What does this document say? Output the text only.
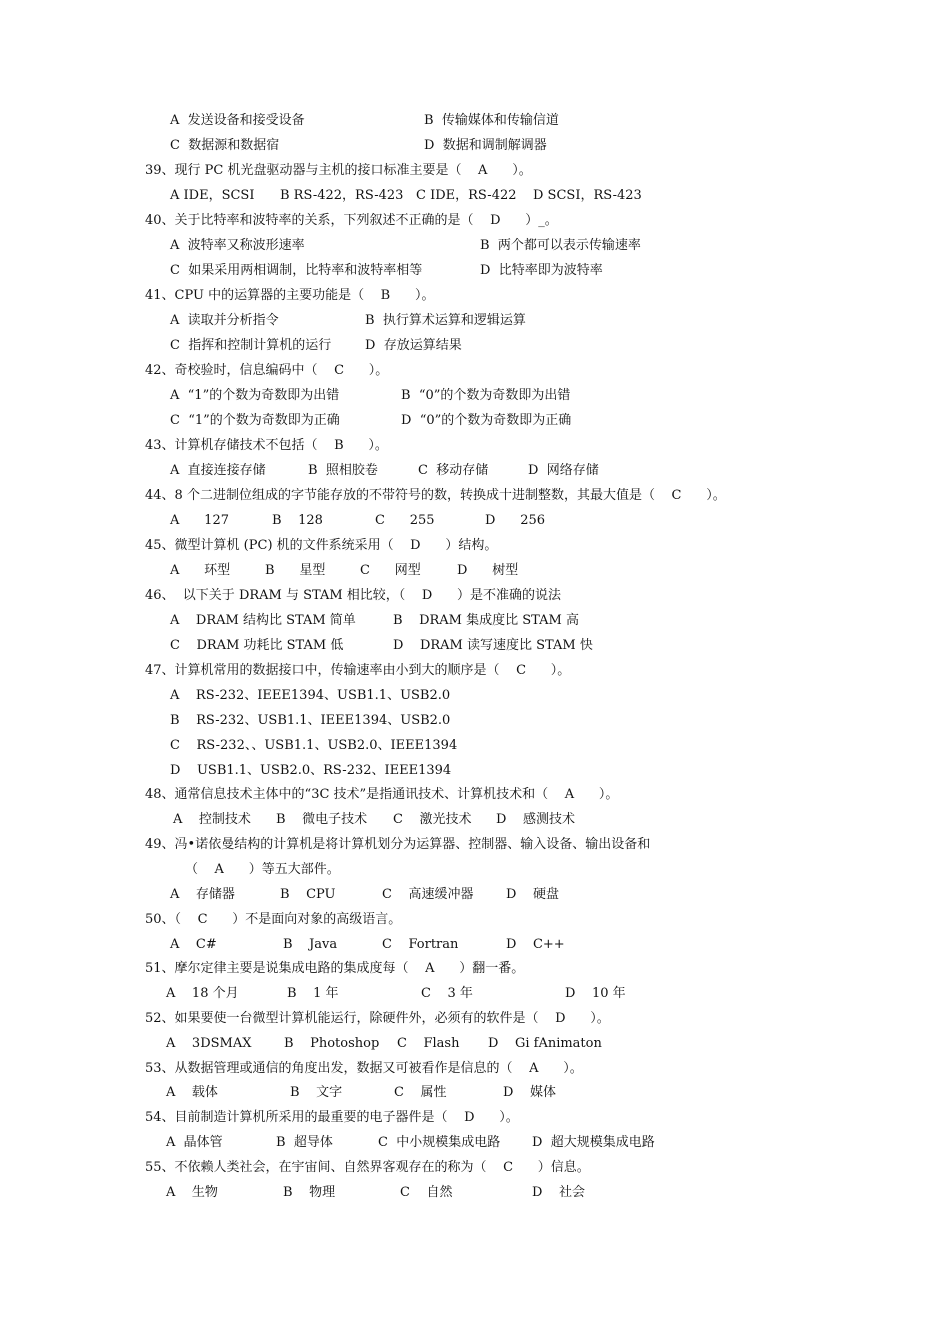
A  发送设备和接受设备	B  传输媒体和传输信道
C  数据源和数据宿	D  数据和调制解调器
39、现行 PC 机光盘驱动器与主机的接口标准主要是（    A      ）。
A IDE，SCSI B RS-422，RS-423 C IDE，RS-422 D SCSI，RS-423
40、关于比特率和波特率的关系，下列叙述不正确的是（    D      ）_。
A  波特率又称波形速率	B  两个都可以表示传输速率
C  如果采用两相调制，比特率和波特率相等	D  比特率即为波特率
41、CPU 中的运算器的主要功能是（    B      ）。
A  读取并分析指令	B  执行算术运算和逻辑运算
C  指挥和控制计算机的运行	D  存放运算结果
42、奇校验时，信息编码中（    C      ）。
A  “1”的个数为奇数即为出错	B  “0”的个数为奇数即为出错
C  “1”的个数为奇数即为正确	D  “0”的个数为奇数即为正确
43、计算机存储技术不包括（    B      ）。
A  直接连接存储	B  照相胶卷	C  移动存储	D  网络存储
44、8 个二进制位组成的字节能存放的不带符号的数，转换成十进制整数，其最大值是（    C      ）。
A      127	B    128	C      255	D      256
45、微型计算机 (PC) 机的文件系统采用（    D      ）结构。
A      环型	B      星型	C      网型	D      树型
46、  以下关于 DRAM 与 STAM 相比较，（    D      ）是不准确的说法
A    DRAM 结构比 STAM 简单	B    DRAM 集成度比 STAM 高
C    DRAM 功耗比 STAM 低	D    DRAM 读写速度比 STAM 快
47、计算机常用的数据接口中，传输速率由小到大的顺序是（    C      ）。
A    RS-232、IEEE1394、USB1.1、USB2.0
B    RS-232、USB1.1、IEEE1394、USB2.0
C    RS-232、、USB1.1、USB2.0、IEEE1394
D    USB1.1、USB2.0、RS-232、IEEE1394
48、通常信息技术主体中的“3C 技术”是指通讯技术、计算机技术和（    A      ）。
A    控制技术 B    微电子技术 C    激光技术 D    感测技术
49、冯•诺依曼结构的计算机是将计算机划分为运算器、控制器、输入设备、输出设备和
（    A      ）等五大部件。
A    存储器	B    CPU	C    高速缓冲器	D    硬盘
50、（    C      ）不是面向对象的高级语言。
A    C#	B    Java	C    Fortran	D    C++
51、摩尔定律主要是说集成电路的集成度每（    A      ）翻一番。
A    18 个月	B    1 年	C    3 年	D    10 年
52、如果要使一台微型计算机能运行，除硬件外，必须有的软件是（    D      ）。
A    3DSMAX	B    Photoshop C    Flash D    Gi fAnimaton
53、从数据管理或通信的角度出发，数据又可被看作是信息的（    A      ）。
A    载体	B    文字	C    属性	D    媒体
54、目前制造计算机所采用的最重要的电子器件是（    D      ）。
A  晶体管	B  超导体	C  中小规模集成电路 D  超大规模集成电路
55、不依赖人类社会，在宇宙间、自然界客观存在的称为（    C      ）信息。
A    生物	B    物理	C    自然	D    社会
